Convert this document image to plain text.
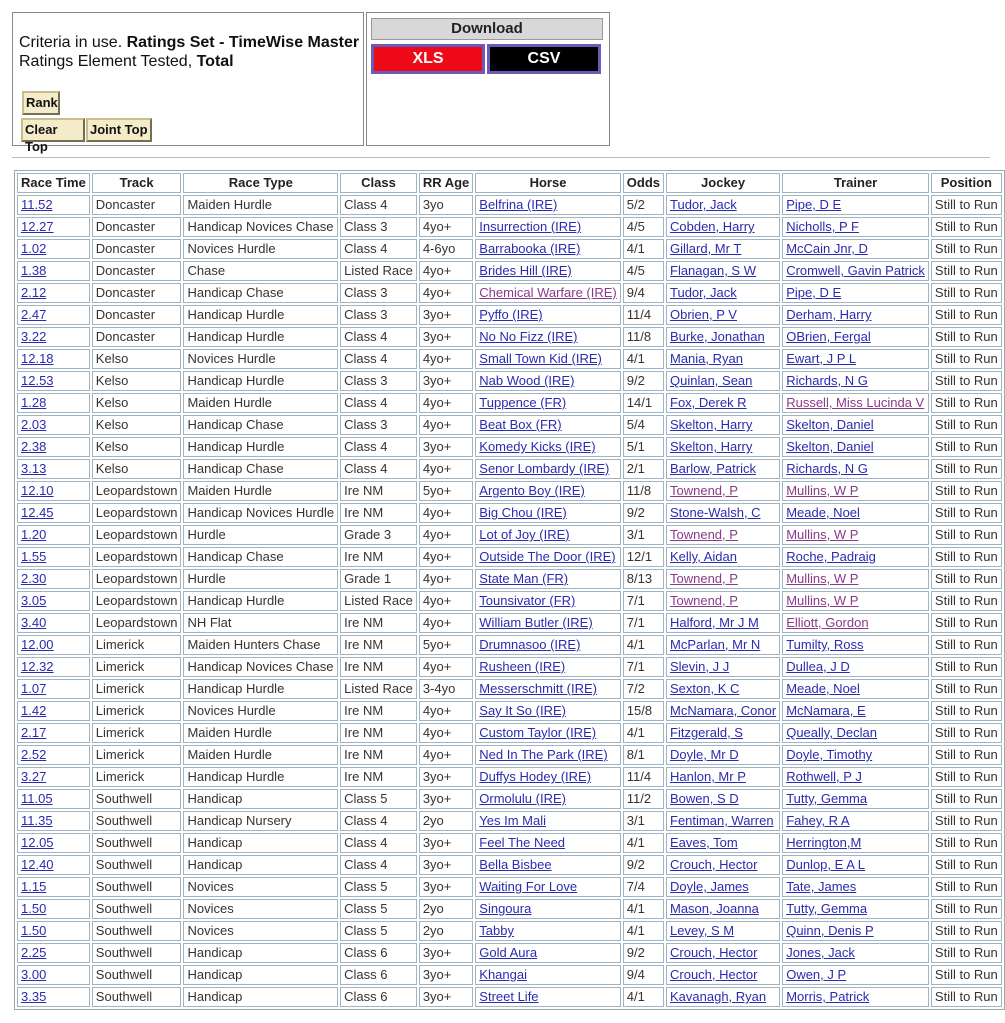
Criteria in use. Ratings Set - TimeWise Master
Ratings Element Tested, Total
Rank
Clear Top
Joint Top
Download
XLS	CSV
Race Time	Track	Race Type	Class	RR Age	Horse	Odds	Jockey	Trainer	Position
11.52	Doncaster	Maiden Hurdle	Class 4	3yo	Belfrina (IRE)	5/2	Tudor, Jack	Pipe, D E	Still to Run
12.27	Doncaster	Handicap Novices Chase	Class 3	4yo+	Insurrection (IRE)	4/5	Cobden, Harry	Nicholls, P F	Still to Run
1.02	Doncaster	Novices Hurdle	Class 4	4-6yo	Barrabooka (IRE)	4/1	Gillard, Mr T	McCain Jnr, D	Still to Run
1.38	Doncaster	Chase	Listed Race	4yo+	Brides Hill (IRE)	4/5	Flanagan, S W	Cromwell, Gavin Patrick	Still to Run
2.12	Doncaster	Handicap Chase	Class 3	4yo+	Chemical Warfare (IRE)	9/4	Tudor, Jack	Pipe, D E	Still to Run
2.47	Doncaster	Handicap Hurdle	Class 3	3yo+	Pyffo (IRE)	11/4	Obrien, P V	Derham, Harry	Still to Run
3.22	Doncaster	Handicap Hurdle	Class 4	3yo+	No No Fizz (IRE)	11/8	Burke, Jonathan	OBrien, Fergal	Still to Run
12.18	Kelso	Novices Hurdle	Class 4	4yo+	Small Town Kid (IRE)	4/1	Mania, Ryan	Ewart, J P L	Still to Run
12.53	Kelso	Handicap Hurdle	Class 3	3yo+	Nab Wood (IRE)	9/2	Quinlan, Sean	Richards, N G	Still to Run
1.28	Kelso	Maiden Hurdle	Class 4	4yo+	Tuppence (FR)	14/1	Fox, Derek R	Russell, Miss Lucinda V	Still to Run
2.03	Kelso	Handicap Chase	Class 3	4yo+	Beat Box (FR)	5/4	Skelton, Harry	Skelton, Daniel	Still to Run
2.38	Kelso	Handicap Hurdle	Class 4	3yo+	Komedy Kicks (IRE)	5/1	Skelton, Harry	Skelton, Daniel	Still to Run
3.13	Kelso	Handicap Chase	Class 4	4yo+	Senor Lombardy (IRE)	2/1	Barlow, Patrick	Richards, N G	Still to Run
12.10	Leopardstown	Maiden Hurdle	Ire NM	5yo+	Argento Boy (IRE)	11/8	Townend, P	Mullins, W P	Still to Run
12.45	Leopardstown	Handicap Novices Hurdle	Ire NM	4yo+	Big Chou (IRE)	9/2	Stone-Walsh, C	Meade, Noel	Still to Run
1.20	Leopardstown	Hurdle	Grade 3	4yo+	Lot of Joy (IRE)	3/1	Townend, P	Mullins, W P	Still to Run
1.55	Leopardstown	Handicap Chase	Ire NM	4yo+	Outside The Door (IRE)	12/1	Kelly, Aidan	Roche, Padraig	Still to Run
2.30	Leopardstown	Hurdle	Grade 1	4yo+	State Man (FR)	8/13	Townend, P	Mullins, W P	Still to Run
3.05	Leopardstown	Handicap Hurdle	Listed Race	4yo+	Tounsivator (FR)	7/1	Townend, P	Mullins, W P	Still to Run
3.40	Leopardstown	NH Flat	Ire NM	4yo+	William Butler (IRE)	7/1	Halford, Mr J M	Elliott, Gordon	Still to Run
12.00	Limerick	Maiden Hunters Chase	Ire NM	5yo+	Drumnasoo (IRE)	4/1	McParlan, Mr N	Tumilty, Ross	Still to Run
12.32	Limerick	Handicap Novices Chase	Ire NM	4yo+	Rusheen (IRE)	7/1	Slevin, J J	Dullea, J D	Still to Run
1.07	Limerick	Handicap Hurdle	Listed Race	3-4yo	Messerschmitt (IRE)	7/2	Sexton, K C	Meade, Noel	Still to Run
1.42	Limerick	Novices Hurdle	Ire NM	4yo+	Say It So (IRE)	15/8	McNamara, Conor	McNamara, E	Still to Run
2.17	Limerick	Maiden Hurdle	Ire NM	4yo+	Custom Taylor (IRE)	4/1	Fitzgerald, S	Queally, Declan	Still to Run
2.52	Limerick	Maiden Hurdle	Ire NM	4yo+	Ned In The Park (IRE)	8/1	Doyle, Mr D	Doyle, Timothy	Still to Run
3.27	Limerick	Handicap Hurdle	Ire NM	3yo+	Duffys Hodey (IRE)	11/4	Hanlon, Mr P	Rothwell, P J	Still to Run
11.05	Southwell	Handicap	Class 5	3yo+	Ormolulu (IRE)	11/2	Bowen, S D	Tutty, Gemma	Still to Run
11.35	Southwell	Handicap Nursery	Class 4	2yo	Yes Im Mali	3/1	Fentiman, Warren	Fahey, R A	Still to Run
12.05	Southwell	Handicap	Class 4	3yo+	Feel The Need	4/1	Eaves, Tom	Herrington,M	Still to Run
12.40	Southwell	Handicap	Class 4	3yo+	Bella Bisbee	9/2	Crouch, Hector	Dunlop, E A L	Still to Run
1.15	Southwell	Novices	Class 5	3yo+	Waiting For Love	7/4	Doyle, James	Tate, James	Still to Run
1.50	Southwell	Novices	Class 5	2yo	Singoura	4/1	Mason, Joanna	Tutty, Gemma	Still to Run
1.50	Southwell	Novices	Class 5	2yo	Tabby	4/1	Levey, S M	Quinn, Denis P	Still to Run
2.25	Southwell	Handicap	Class 6	3yo+	Gold Aura	9/2	Crouch, Hector	Jones, Jack	Still to Run
3.00	Southwell	Handicap	Class 6	3yo+	Khangai	9/4	Crouch, Hector	Owen, J P	Still to Run
3.35	Southwell	Handicap	Class 6	3yo+	Street Life	4/1	Kavanagh, Ryan	Morris, Patrick	Still to Run
